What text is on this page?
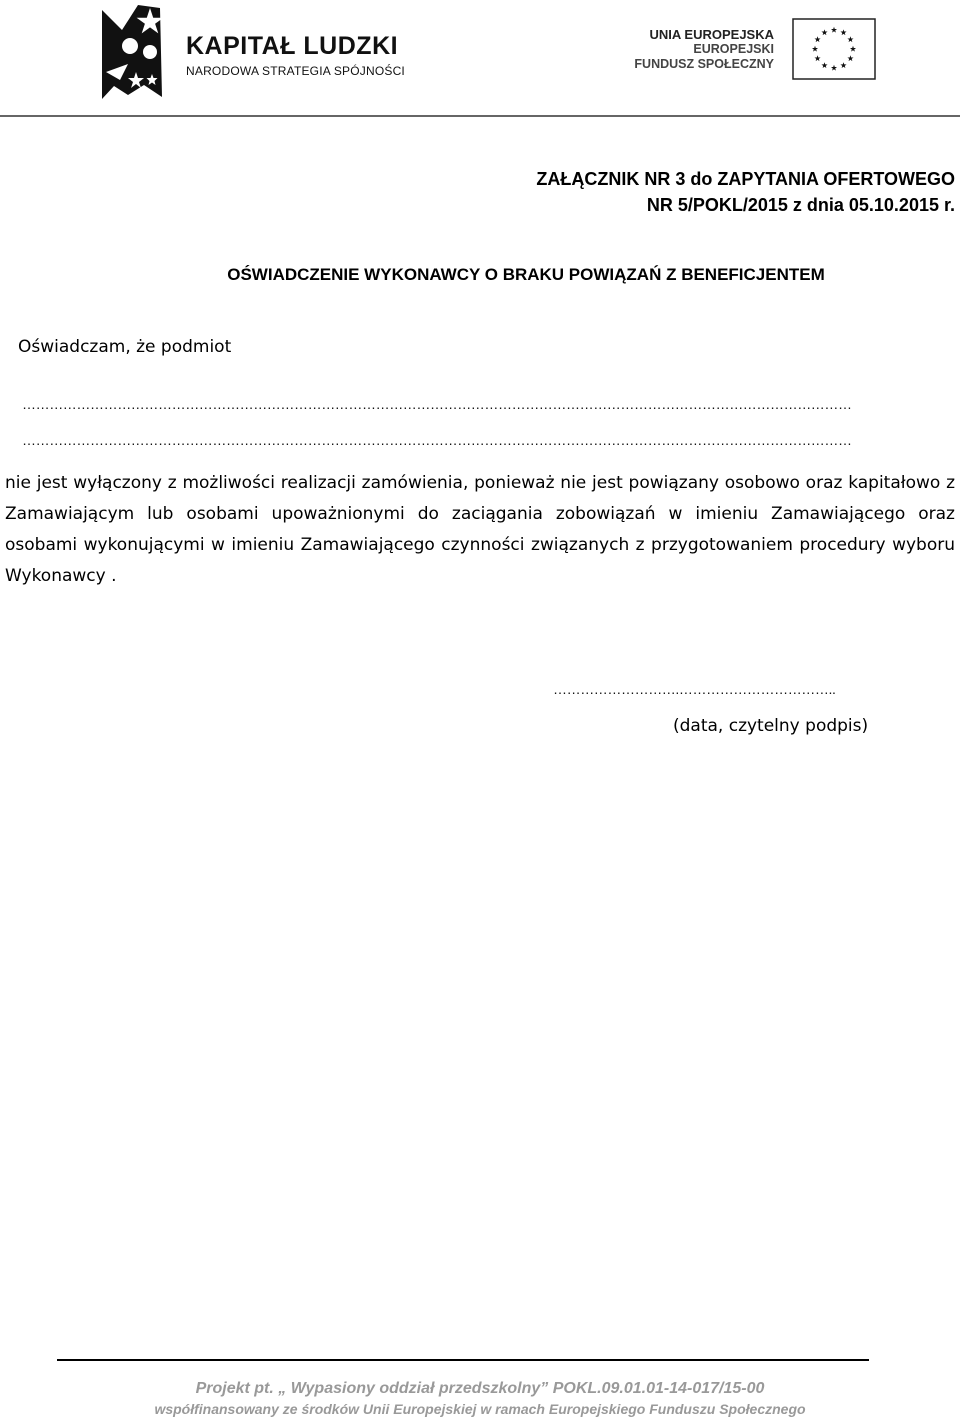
KAPITAŁ LUDZKI
NARODOWA STRATEGIA SPÓJNOŚCI
UNIA EUROPEJSKA
EUROPEJSKI
FUNDUSZ SPOŁECZNY
ZAŁĄCZNIK NR 3 do ZAPYTANIA OFERTOWEGO
NR 5/POKL/2015 z dnia 05.10.2015 r.
OŚWIADCZENIE WYKONAWCY O BRAKU POWIĄZAŃ Z BENEFICJENTEM
Oświadczam, że podmiot
…………………………………………………………………………………………………………………………………………………………………
…………………………………………………………………………………………………………………………………………………………………
nie jest wyłączony z możliwości realizacji zamówienia, ponieważ nie jest powiązany osobowo oraz kapitałowo z Zamawiającym lub osobami upoważnionymi do zaciągania zobowiązań w imieniu Zamawiającego oraz osobami wykonującymi w imieniu Zamawiającego czynności związanych z przygotowaniem procedury wyboru Wykonawcy .
……………………….……………………………..
(data, czytelny podpis)
Projekt pt. „ Wypasiony oddział przedszkolny” POKL.09.01.01-14-017/15-00
współfinansowany ze środków Unii Europejskiej w ramach Europejskiego Funduszu Społecznego
